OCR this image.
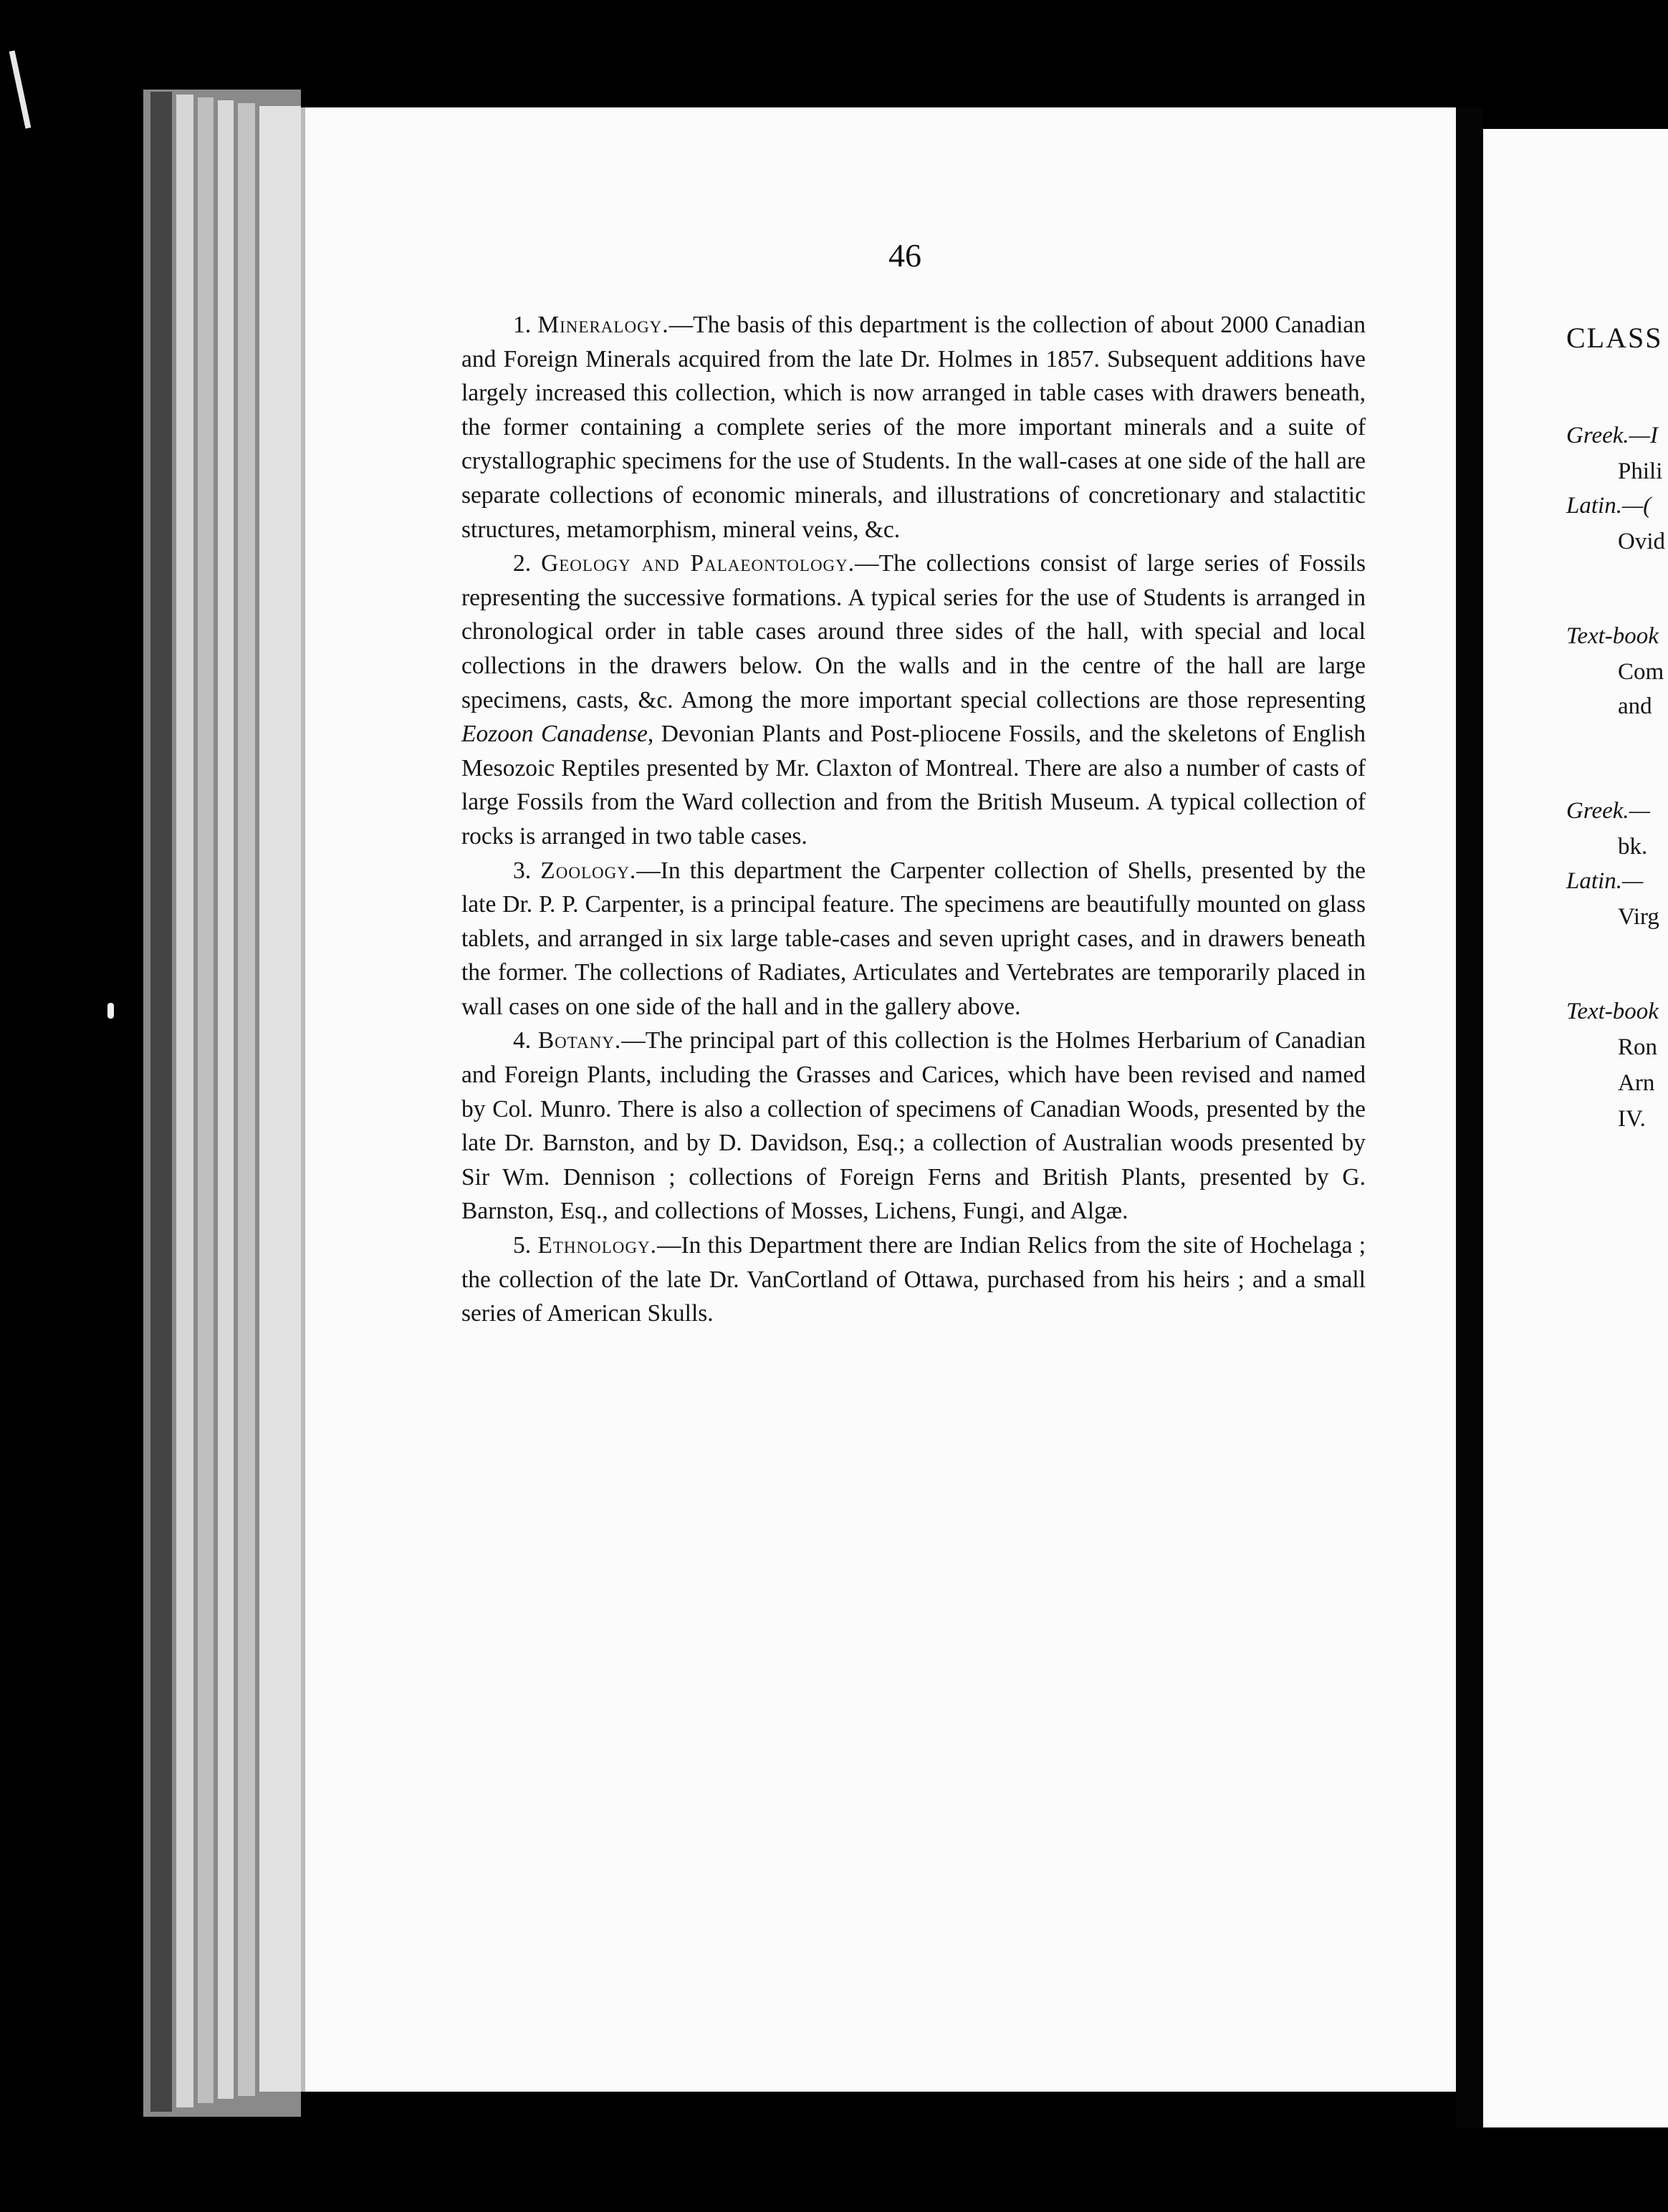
46

1. Mineralogy.—The basis of this department is the collection of about 2000 Canadian and Foreign Minerals acquired from the late Dr. Holmes in 1857. Subsequent additions have largely increased this collection, which is now arranged in table cases with drawers beneath, the former containing a complete series of the more important minerals and a suite of crystallographic specimens for the use of Students. In the wall-cases at one side of the hall are separate collections of economic minerals, and illustrations of concretionary and stalactitic structures, metamorphism, mineral veins, &c.

2. Geology and Palaeontology.—The collections consist of large series of Fossils representing the successive formations. A typical series for the use of Students is arranged in chronological order in table cases around three sides of the hall, with special and local collections in the drawers below. On the walls and in the centre of the hall are large specimens, casts, &c. Among the more important special collections are those representing Eozoon Canadense, Devonian Plants and Post-pliocene Fossils, and the skeletons of English Mesozoic Reptiles presented by Mr. Claxton of Montreal. There are also a number of casts of large Fossils from the Ward collection and from the British Museum. A typical collection of rocks is arranged in two table cases.

3. Zoology.—In this department the Carpenter collection of Shells, presented by the late Dr. P. P. Carpenter, is a principal feature. The specimens are beautifully mounted on glass tablets, and arranged in six large table-cases and seven upright cases, and in drawers beneath the former. The collections of Radiates, Articulates and Vertebrates are temporarily placed in wall cases on one side of the hall and in the gallery above.

4. Botany.—The principal part of this collection is the Holmes Herbarium of Canadian and Foreign Plants, including the Grasses and Carices, which have been revised and named by Col. Munro. There is also a collection of specimens of Canadian Woods, presented by the late Dr. Barnston, and by D. Davidson, Esq.; a collection of Australian woods presented by Sir Wm. Dennison ; collections of Foreign Ferns and British Plants, presented by G. Barnston, Esq., and collections of Mosses, Lichens, Fungi, and Algæ.

5. Ethnology.—In this Department there are Indian Relics from the site of Hochelaga ; the collection of the late Dr. VanCortland of Ottawa, purchased from his heirs ; and a small series of American Skulls.

CLASS
Greek.—I
Phili
Latin.—(
Ovid
Text-book
Com
and
Greek.—
bk.
Latin.—
Virg
Text-book
Ron
Arn
IV.
